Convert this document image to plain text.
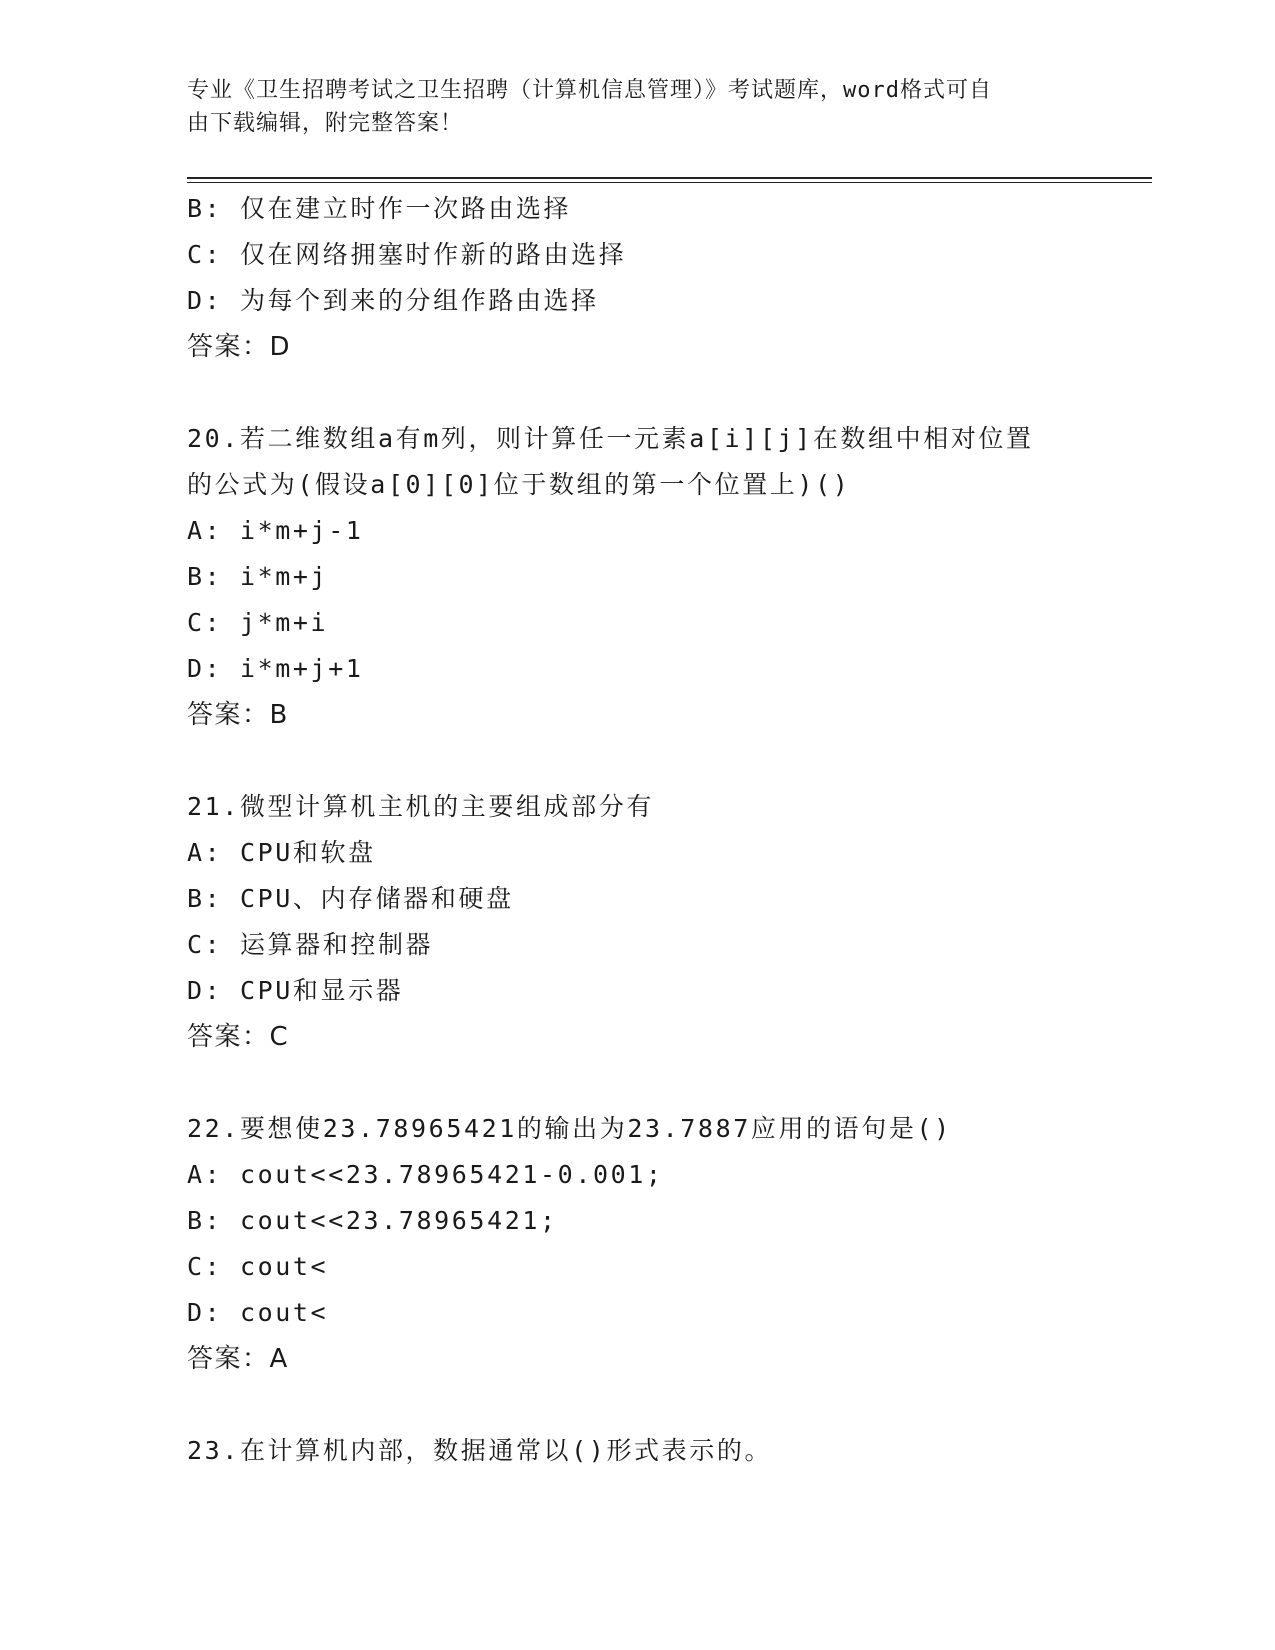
专业《卫生招聘考试之卫生招聘（计算机信息管理）》考试题库，word格式可自
由下载编辑，附完整答案！
B: 仅在建立时作一次路由选择
C: 仅在网络拥塞时作新的路由选择
D: 为每个到来的分组作路由选择
答案：D
20.若二维数组a有m列，则计算任一元素a[i][j]在数组中相对位置
的公式为(假设a[0][0]位于数组的第一个位置上)()
A: i*m+j-1
B: i*m+j
C: j*m+i
D: i*m+j+1
答案：B
21.微型计算机主机的主要组成部分有
A: CPU和软盘
B: CPU、内存储器和硬盘
C: 运算器和控制器
D: CPU和显示器
答案：C
22.要想使23.78965421的输出为23.7887应用的语句是()
A: cout<<23.78965421-0.001;
B: cout<<23.78965421;
C: cout<
D: cout<
答案：A
23.在计算机内部，数据通常以()形式表示的。
